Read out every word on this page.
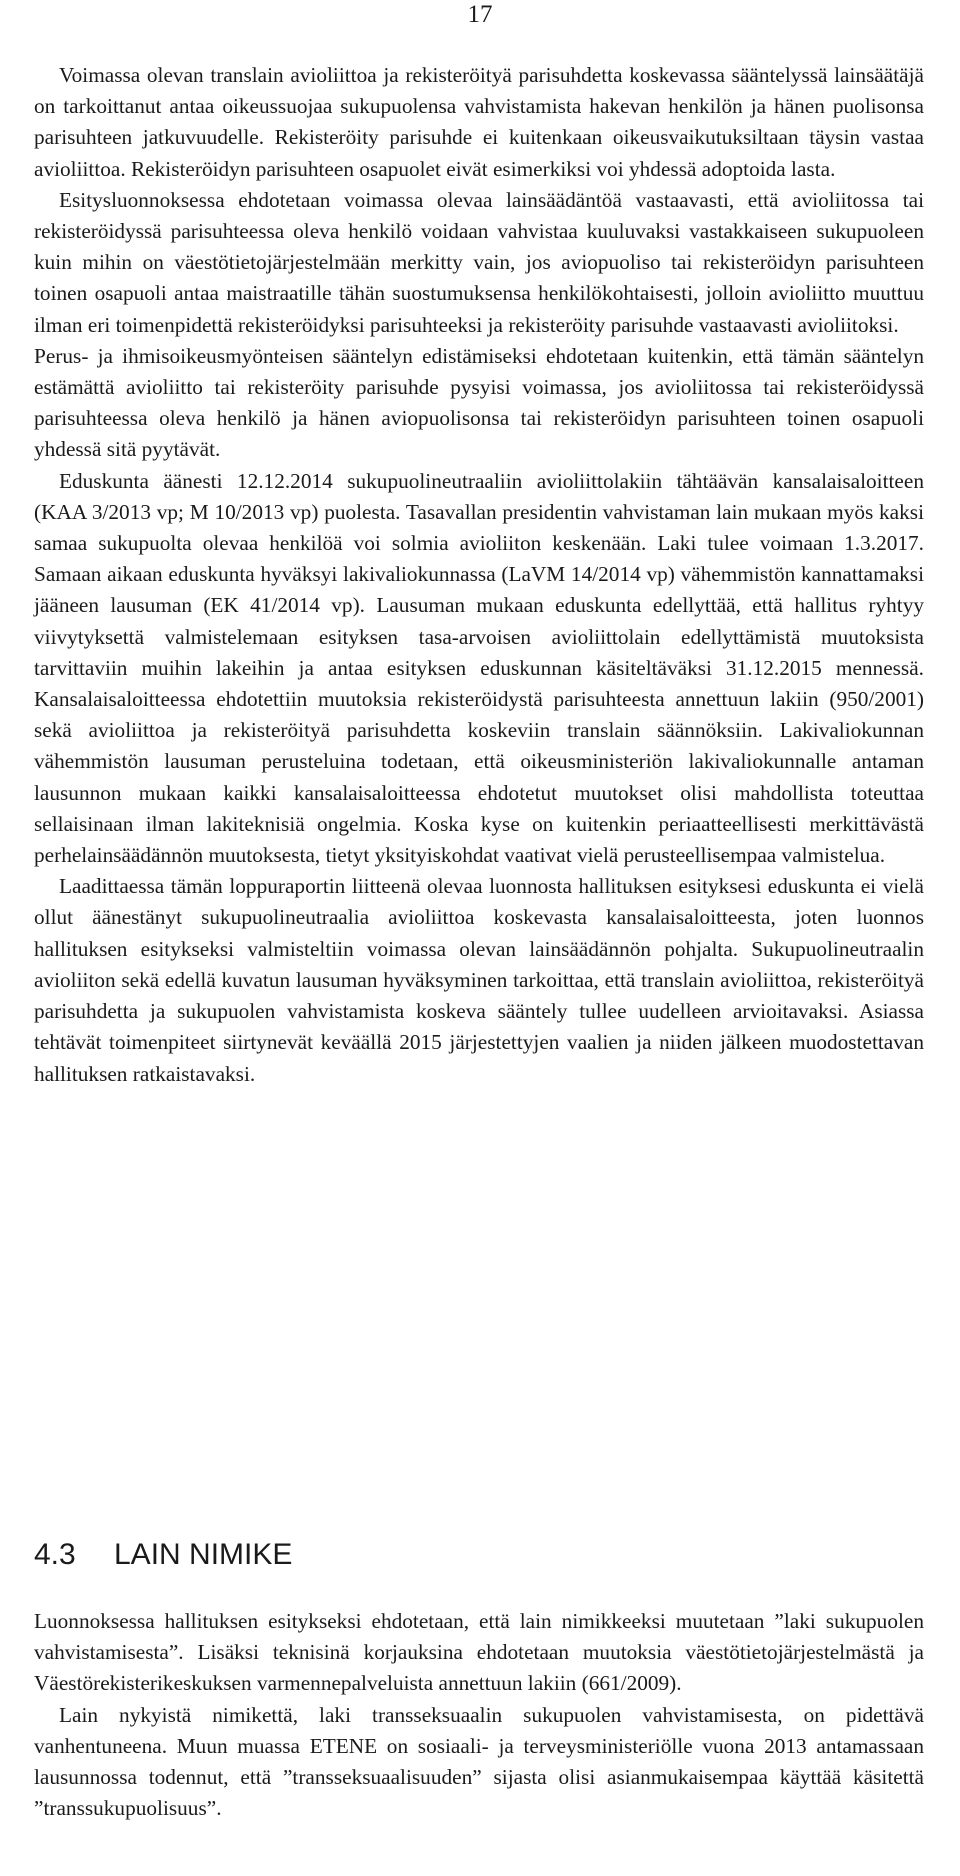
17

Voimassa olevan translain avioliittoa ja rekisteröityä parisuhdetta koskevassa sääntelyssä lainsäätäjä on tarkoittanut antaa oikeussuojaa sukupuolensa vahvistamista hakevan henkilön ja hänen puolisonsa parisuhteen jatkuvuudelle. Rekisteröity parisuhde ei kuitenkaan oikeusvaikutuksiltaan täysin vastaa avioliittoa. Rekisteröidyn parisuhteen osapuolet eivät esimerkiksi voi yhdessä adoptoida lasta.

Esitysluonnoksessa ehdotetaan voimassa olevaa lainsäädäntöä vastaavasti, että avioliitossa tai rekisteröidyssä parisuhteessa oleva henkilö voidaan vahvistaa kuuluvaksi vastakkaiseen sukupuoleen kuin mihin on väestötietojärjestelmään merkitty vain, jos aviopuoliso tai rekisteröidyn parisuhteen toinen osapuoli antaa maistraatille tähän suostumuksensa henkilökohtaisesti, jolloin avioliitto muuttuu ilman eri toimenpidettä rekisteröidyksi parisuhteeksi ja rekisteröity parisuhde vastaavasti avioliitoksi.

Perus- ja ihmisoikeusmyönteisen sääntelyn edistämiseksi ehdotetaan kuitenkin, että tämän sääntelyn estämättä avioliitto tai rekisteröity parisuhde pysyisi voimassa, jos avioliitossa tai rekisteröidyssä parisuhteessa oleva henkilö ja hänen aviopuolisonsa tai rekisteröidyn parisuhteen toinen osapuoli yhdessä sitä pyytävät.

Eduskunta äänesti 12.12.2014 sukupuolineutraaliin avioliittolakiin tähtäävän kansalaisaloitteen (KAA 3/2013 vp; M 10/2013 vp) puolesta. Tasavallan presidentin vahvistaman lain mukaan myös kaksi samaa sukupuolta olevaa henkilöä voi solmia avioliiton keskenään. Laki tulee voimaan 1.3.2017. Samaan aikaan eduskunta hyväksyi lakivaliokunnassa (LaVM 14/2014 vp) vähemmistön kannattamaksi jääneen lausuman (EK 41/2014 vp). Lausuman mukaan eduskunta edellyttää, että hallitus ryhtyy viivytyksettä valmistelemaan esityksen tasa-arvoisen avioliittolain edellyttämistä muutoksista tarvittaviin muihin lakeihin ja antaa esityksen eduskunnan käsiteltäväksi 31.12.2015 mennessä. Kansalaisaloitteessa ehdotettiin muutoksia rekisteröidystä parisuhteesta annettuun lakiin (950/2001) sekä avioliittoa ja rekisteröityä parisuhdetta koskeviin translain säännöksiin. Lakivaliokunnan vähemmistön lausuman perusteluina todetaan, että oikeusministeriön lakivaliokunnalle antaman lausunnon mukaan kaikki kansalaisaloitteessa ehdotetut muutokset olisi mahdollista toteuttaa sellaisinaan ilman lakiteknisiä ongelmia. Koska kyse on kuitenkin periaatteellisesti merkittävästä perhelainsäädännön muutoksesta, tietyt yksityiskohdat vaativat vielä perusteellisempaa valmistelua.

Laadittaessa tämän loppuraportin liitteenä olevaa luonnosta hallituksen esityksesi eduskunta ei vielä ollut äänestänyt sukupuolineutraalia avioliittoa koskevasta kansalaisaloitteesta, joten luonnos hallituksen esitykseksi valmisteltiin voimassa olevan lainsäädännön pohjalta. Sukupuolineutraalin avioliiton sekä edellä kuvatun lausuman hyväksyminen tarkoittaa, että translain avioliittoa, rekisteröityä parisuhdetta ja sukupuolen vahvistamista koskeva sääntely tullee uudelleen arvioitavaksi. Asiassa tehtävät toimenpiteet siirtynevät keväällä 2015 järjestettyjen vaalien ja niiden jälkeen muodostettavan hallituksen ratkaistavaksi.

4.3 LAIN NIMIKE

Luonnoksessa hallituksen esitykseksi ehdotetaan, että lain nimikkeeksi muutetaan ”laki sukupuolen vahvistamisesta”. Lisäksi teknisinä korjauksina ehdotetaan muutoksia väestötietojärjestelmästä ja Väestörekisterikeskuksen varmennepalveluista annettuun lakiin (661/2009).

Lain nykyistä nimikettä, laki transseksuaalin sukupuolen vahvistamisesta, on pidettävä vanhentuneena. Muun muassa ETENE on sosiaali- ja terveysministeriölle vuona 2013 antamassaan lausunnossa todennut, että ”transseksuaalisuuden” sijasta olisi asianmukaisempaa käyttää käsitettä ”transsukupuolisuus”.
